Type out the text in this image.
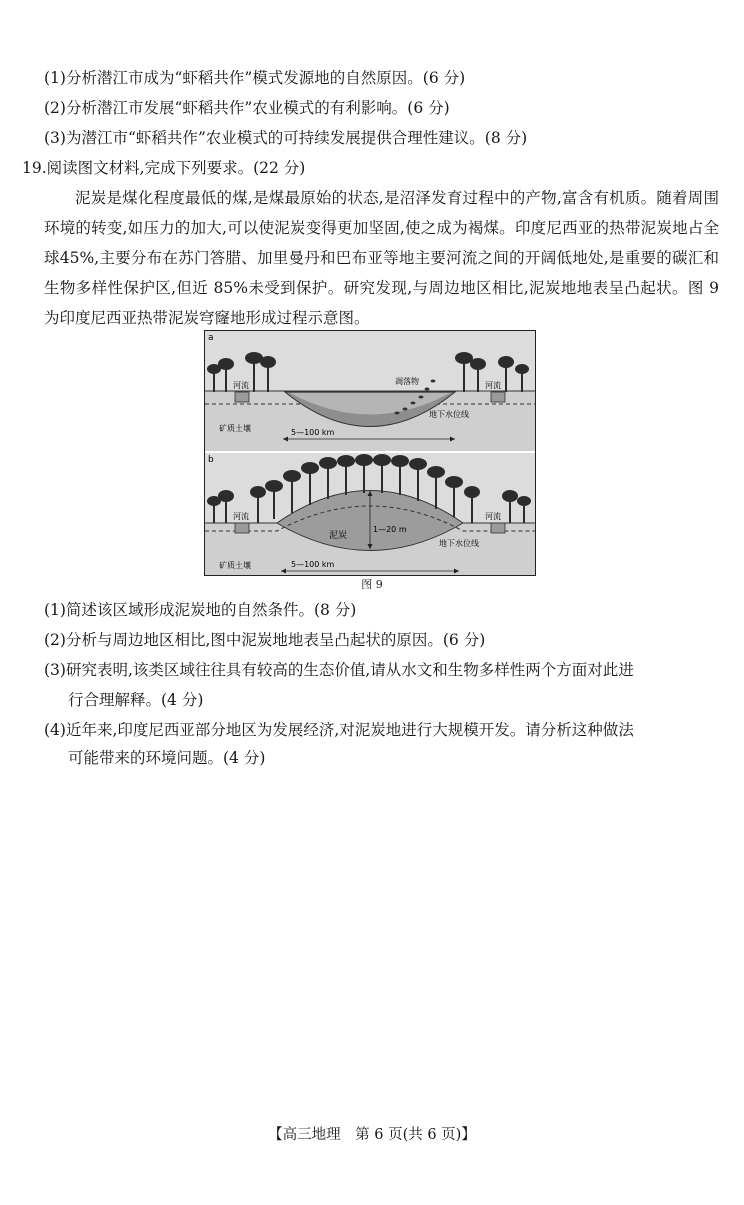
(1)分析潜江市成为“虾稻共作”模式发源地的自然原因。(6 分)
(2)分析潜江市发展“虾稻共作”农业模式的有利影响。(6 分)
(3)为潜江市“虾稻共作”农业模式的可持续发展提供合理性建议。(8 分)
19.阅读图文材料,完成下列要求。(22 分)

泥炭是煤化程度最低的煤,是煤最原始的状态,是沼泽发育过程中的产物,富含有机质。随着周围环境的转变,如压力的加大,可以使泥炭变得更加坚固,使之成为褐煤。印度尼西亚的热带泥炭地占全球45%,主要分布在苏门答腊、加里曼丹和巴布亚等地主要河流之间的开阔低地处,是重要的碳汇和生物多样性保护区,但近 85%未受到保护。研究发现,与周边地区相比,泥炭地地表呈凸起状。图 9 为印度尼西亚热带泥炭穹窿地形成过程示意图。

a
河流	河流
凋落物
地下水位线
矿质土壤	5—100 km
b
河流	河流
泥炭
1—20 m
地下水位线
矿质土壤	5—100 km
图 9
(1)简述该区域形成泥炭地的自然条件。(8 分)
(2)分析与周边地区相比,图中泥炭地地表呈凸起状的原因。(6 分)
(3)研究表明,该类区域往往具有较高的生态价值,请从水文和生物多样性两个方面对此进
行合理解释。(4 分)
(4)近年来,印度尼西亚部分地区为发展经济,对泥炭地进行大规模开发。请分析这种做法
可能带来的环境问题。(4 分)
【高三地理　第 6 页(共 6 页)】
